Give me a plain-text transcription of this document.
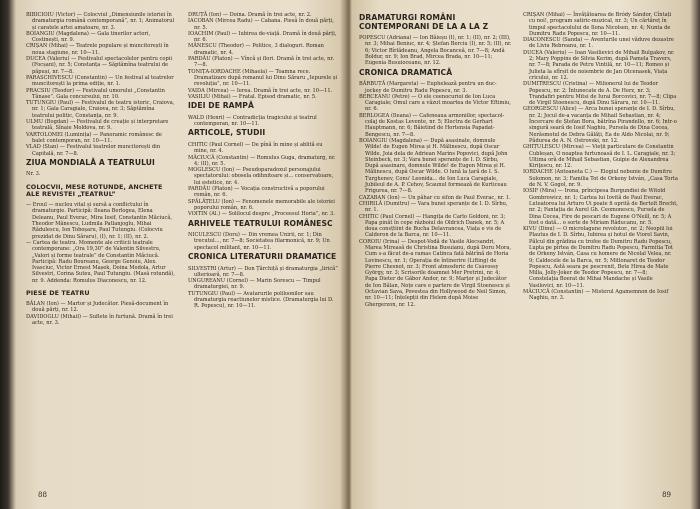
BIBICIOIU (Victor) — Colocviul „Dimensiunile istoriei în dramaturgia română contemporană”, nr. 1; Animatorul și caratele artei amatoare, nr. 3.

BOIANGIU (Magdalena) — Gala tinerilor actori, Costinești, nr. 9.

CRIȘAN (Mihai) — Teatrele populare și muncitorești în noua stagiune, nr. 10—11.

DUCEA (Valeriu) — Festivalul spectacolelor pentru copii (Focșani), nr. 5; Constanța — Săptămîna teatrului de păpuși, nr. 7—8.

PARASCHIVESCU (Constantin) — Un festival al teatrelor muncitorești la prima ediție, nr. 1.

PRACSIU (Teodor) — Festivalul umorului „Constantin Tănase”. Gala concursului, nr. 10.

TUTUNGIU (Paul) — Festivalul de teatru istoric, Craiova, nr. 1; Gala Caragiale, Craiova, nr. 3; Săptămîna teatrului politic, Constanța, nr. 9.

ULMU (Bogdan) — Festivalul de creație și interpretare teatrală, Sînaie Moldova, nr. 9.

VARTOLOMEI (Luminița) — Panoramic românesc de balet contemporan, nr. 10—11.

VLAD (Stan) — Festivalul teatrelor muncitorești din Capitală, nr. 7—8.

ZIUA MONDIALĂ A TEATRULUI

Nr. 3.

COLOCVII, MESE ROTUNDE, ANCHETE ALE REVISTEI „TEATRUL”

— Eroul — nucleu vital și sursă a conflictului în dramaturgie. Participă: Ileana Berlogea, Elena Deleanu, Paul Everac, Mira Iosif, Constantin Măciucă, Theodor Mănescu, Ludmila Patlanjoglu, Mihai Rădulescu, Ion Toboșaru, Paul Tutungiu. (Colocviu prezidat de Dinu Săraru), (I), nr. 1; (II), nr. 2.

— Cartea de teatru. Momente ale criticii teatrale contemporane: „Ora 19,30” de Valentin Silvestru, „Valori și forme teatrale” de Constantin Măciucă. Participă: Radu Boureanu, George Genoiu, Alex. Ivasciuc, Victor Ernest Mașek, Doina Modola, Artur Silvestri, Corina Suteu, Paul Tutungiu. (Masă rotundă), nr. 9. Addenda: Romulus Diaconescu, nr. 12.

PIESE DE TEATRU

BĂLAN (Ion) — Martor și Judecător. Piesă-document în două părți, nr. 12.

DAVIDOGLU (Mihail) — Suflete în furtună. Dramă în trei acte, nr. 3.

DRUȚĂ (Ion) — Doina. Dramă în trei acte, nr. 2.

IACOBAN (Mircea Radu) — Cabana. Piesă în două părți, nr. 5.

IOACHIM (Paul) — Iubirea de-viață. Dramă în două părți, nr. 6.

MĂNESCU (Theodor) — Politice, 3 dialoguri. Roman dramatic, nr. 4.

PARDĂU (Platon) — Vîncă și flori. Dramă în trei acte, nr. 7—8.

TONIȚA-IORDACHE (Mihaela) — Toamna rece. Dramatizare după romanul lui Dinu Săraru „Iepurele și revoluția”, nr. 10—11.

VAIDA (Mircea) — Ierea. Dramă în trei acte, nr. 10—11.

VASILIU (Mihai) — Fratal. Episod dramatic, nr. 5.

IDEI DE RAMPĂ

WALD (Henri) — Contradicția tragicului și teatrul contemporan, nr. 10—11.

ARTICOLE, STUDII

CHITIC (Paul Cornel) — De pînă în mine și ablită eu mine, nr. 4.

MĂCIUCĂ (Constantin) — Romulus Guga, dramaturg, nr. 4; (II), nr. 5.

MOGLESCU (Ion) — Pseudoparadoxul personajului spectatorului: obosela odihnitoare și... conservatoare, lui estetice, nr. 4.

PARDĂU (Platon) — Vocația constructivă a poporului român, nr. 6.

SPĂLĂȚELU (Ion) — Fenomenele memorabile ale istoriei poporului român, nr. 6.

VOITIN (Al.) — Solilocul despre „Proceesul Horia”, nr. 3.

ARHIVELE TEATRULUI ROMÂNESC

NICULESCU (Doru) — Din vremea Unirii, nr. 1; Din trecutul..., nr. 7—8; Societatea filarmonică, nr. 9; Un spectacol militant, nr. 10—11.

CRONICA LITERATURII DRAMATICE

SILVESTRI (Artur) — Don Țărchiță și dramaturgia „lirică” ulterioară, nr. 7—8.

UNGUREANU (Cornel) — Marin Sorescu — Timpul dramaturgiei, nr. 9.

TUTUNGIU (Paul) — Avatarurile poliloonilor sau dramaturgia reactiunelor mistice. (Dramaturgia lui D. R. Popescu), nr. 10—11.

88
DRAMATURGI ROMÂNI CONTEMPORANI DE LA A LA Z

POPESCU (Adriana) — Ion Băieșu (I), nr. 1; (II), nr. 2; (III), nr. 3; Mihai Beniuc, nr. 4; Ștefan Berciu (I), nr. 5; (II), nr. 6; Victor Bîrlădeanu, Angela Bocanceă, nr. 7—8; Andă Boldur, nr. 9; Ion Brad, Mircea Brada, nr. 10—11; Eugenia Busuioceanu, nr. 12.

CRONICA DRAMATICĂ

BĂRBUȚĂ (Margareta) — Euphelează pentru un duc-jockey de Dumitru Radu Popescu, nr. 3.

BERCEANU (Petre) — O ele ceenocurioi de Ion Luca Caragiale; Omul care a văzut moartea de Victor Eftimiu, nr. 6.

BERLOGEA (Ileana) — Cafeneaua armoniilor, spectacol-colaj de Kostas Levente, nr. 5; Electra de Gerhart Hauptmann, nr. 6; Băietind de Hortensia Papadat-Bengescu, nr. 7—8.

BOIANGIU (Magdalena) — După asasinate, domnule Wilde! de Eugen Mirea și H. Mălinescu, după Oscar Wilde, Joia dela de Adriean Marins Popovici, după John Steinbeck, nr. 3; Vara bunei speranțe de I. D. Sîrbu, După asasinare, domnule Wilde! de Eugen Mirea și H. Mălinescu, după Oscar Wilde. O lună la țară de I. S. Turghenev, Conu' Leonida... de Ion Luca Caragiale, Jubileul de A. P. Cehov, Scaunul formează de Kurticeau Frigurea, nr. 7—8.

CAZABAN (Ion) — Un păhar cu sifon de Paul Everac, nr. 1.

CHIRILĂ (Dumitru) — Vara bunei speranțe de I. D. Sîrbu, nr. 1.

CHITIC (Paul Cornel) — Hangița de Carlo Goldoni, nr. 3; Papa pinăt în cepe războiul de Oldrich Danek, nr. 5; A doua consțtiint de Bucha Delavrancea, Viața e vis de Calderon de la Barca, nr. 10—11.

COROIU (Irina) — Despot-Vodă de Vasile Alecsandri, Marea Mireasă de Christina Busuianu, după Doru Mora, Cum s-a făcut de-a ramas Catinca fată bătrînă de Horia Lovinescu, nr. 1; Operația de întinerire (Lifting) de Pierre Chesnot, nr. 3; Front atmosferic de Csávossy György, nr. 3; Scrisorile doamnei Mer Pretrini, nr. 4; Papa Dieter de Găbor Andor, nr. 9; Marțor și Judecător de Ion Bălan, Noțe care e partere de Virgil Stoenescu și Octavian Sava, Povestea din Hollywood de Neil Simon, nr. 10—11; Înțelepții din Helem după Moise Ghergerzon, nr. 12.

CRIȘAN (Mihai) — Învățătoarea de Bródy Sándor, Cîntați cu noi!, program satiric-muzical, nr. 3; Un cărtăreț în timpul spectacolului de Ilona Nicolsen, nr. 4; Nunta de Dumitru Radu Popescu, nr. 10—11.

DIACONESCU (Sanda) — Aventurile unei văduve dezastre de Liviu Rebreanu, nr. 1.

DUCEA (Valeriu) — Ioan Vasilievici de Mihail Bulgakov, nr. 2; Mary Poppins de Silvia Kerim, după Pamela Travers, nr. 7—8; Parada de Petru Vintilă, nr. 10—11; Romeo și Julieta la sfîrșit de noiembrie de Jan Otcenasek, Viața cricului, nr. 12.

DUMITRESCU (Cristina) — Milionerul lui de Teodor Popescu, nr. 2; Întunecate de A. De Herz, nr. 3; Trandafiri pentru Mitsi de Iurai Borcovici, nr. 7—8; Clipa de Virgil Stoenescu, după Dinu Săraru, nr. 10—11.

GEORGESCU (Alice) — Arca bunei speranțe de I. D. Sîrbu, nr. 2; Jocul de-a vacanța de Mihail Sebastian, nr. 4; Încercare de Ștefan Bora, bătrîna Pirandello, nr. 6; Intr-o singură seară de Iosif Naghiu, Pursela de Dina Cocea, Nerăsmotul de Debra Gălăți, Ea de Aldo Nicolai, nr. 9; Pădurea de A. N. Ostrovski, nr. 12.

GHIȚULESCU (Mircea) — Vieții particulare de Constantin Cubleșan, O noaptea furtunoasă de I. L. Caragiale, nr. 3; Ultima oră de Mihail Sebastian, Guipie de Alexandrea Kiriţescu, nr. 12.

IORDACHE (Antoaneta C.) — Elogiul nebunie de Dumitru Solomon, nr. 3; Familia Tot de Orkeny István, „Casa Torta de N. V. Gogol, nr. 9.

IOSIF (Mira) — Irona, prîncipesa Burgundiei de Witold Gombrowicz, nr. 1; Cartea lui Iovită de Paul Everac, Luteatorea lui Arturo Ui poate fi oprită de Bertolt Brecht, nr. 2; Fantația de Aurel Gh. Ceomonescu, Pursela de Dina Cocea, Fire de pescari de Eugene O'Neill, nr. 5; A fost o dată... o sorte de Miriam Răducanu, nr. 5.

KIVU (Dinu) — O microlagune revolutor., nr. 2; Neopiii lui Plautus de I. D. Sîrbu, Iubirea și hotul de Viorel Savin, Pălcul din grădina cu trofee de Dumitru Radu Popescu, Lupta pe pîrtea de Dumitru Radu Popescu, Farmitia Tot de Orkeny István, Casa cu homere de Nicolaï Velea, nr. 9; Caldecele de la Barca, nr. 5; Mitlonaret de Teodor Popescu, Astă seara pe pescrenit, Bete Hirea de Mate Milla, Jolly-Joker de Teodor Popescu, nr. 7—8; Constelația Boerat de Mihai Mandache și Vasile Vasilovici, nr. 10—11.

MĂCIUCĂ (Constantin) — Misterul Agamemnon de Iosif Naghiu, nr. 3.

89
